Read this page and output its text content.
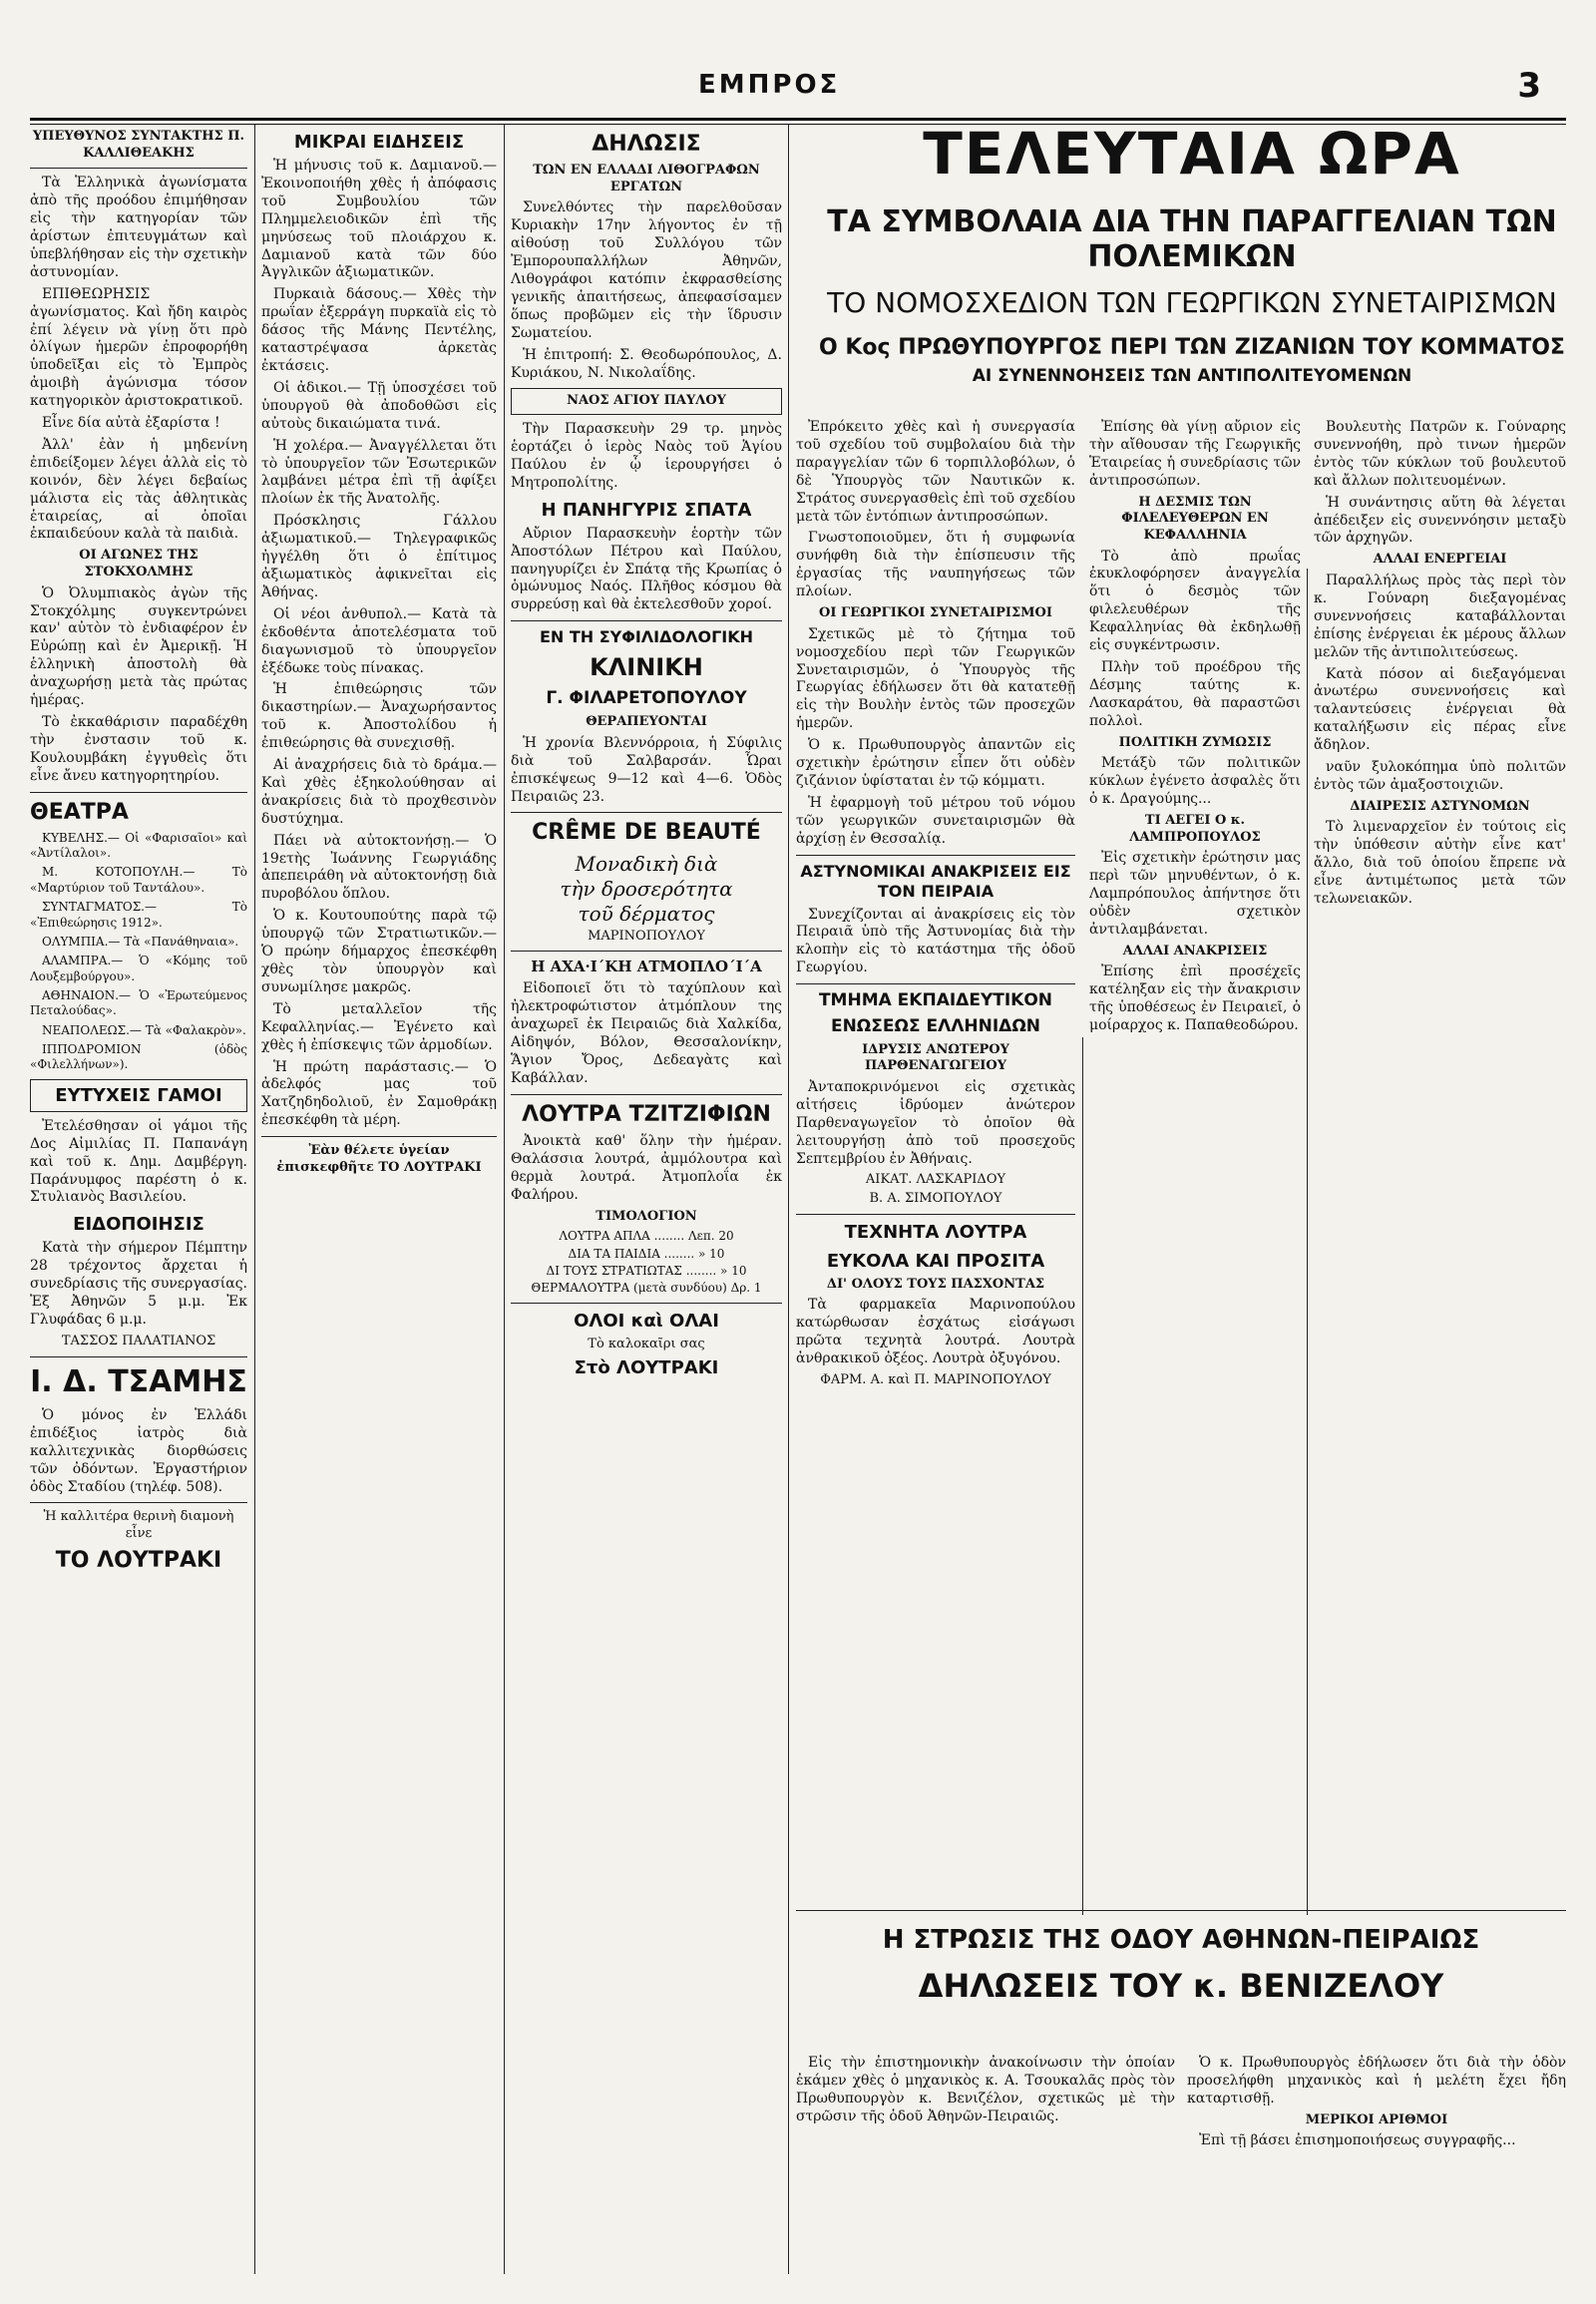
ΕΜΠΡΟΣ	3
ΥΠΕΥΘΥΝΟΣ ΣΥΝΤΑΚΤΗΣ Π. ΚΑΛΛΙΘΕΑΚΗΣ

Τὰ Ἑλληνικὰ ἀγωνίσματα ἀπὸ τῆς προόδου ἐπιμήθησαν εἰς τὴν κατηγορίαν τῶν ἀρίστων ἐπιτευγμάτων καὶ ὑπεβλήθησαν εἰς τὴν σχετικὴν ἀστυνομίαν.

ΕΠΙΘΕΩΡΗΣΙΣ ἀγωνίσματος. Καὶ ἤδη καιρὸς ἐπί λέγειν νὰ γίνῃ ὅτι πρὸ ὀλίγων ἡμερῶν ἐπροφορήθη ὑποδεῖξαι εἰς τὸ Ἐμπρὸς ἀμοιβὴ ἀγώνισμα τόσον κατηγορικὸν ἀριστοκρατικοῦ.

Εἶνε δία αὐτὰ ἐξαρίστα !

Ἀλλ' ἐὰν ἡ μηδενίνη ἐπιδείξομεν λέγει ἀλλὰ εἰς τὸ κοινόν, δὲν λέγει δεβαίως μάλιστα εἰς τὰς ἀθλητικὰς ἑταιρείας, αἱ ὁποῖαι ἐκπαιδεύουν καλὰ τὰ παιδιὰ.

ΟΙ ΑΓΩΝΕΣ ΤΗΣ ΣΤΟΚΧΟΛΜΗΣ

Ὁ Ὀλυμπιακὸς ἀγὼν τῆς Στοκχόλμης συγκεντρώνει καν' αὐτὸν τὸ ἐνδιαφέρον ἐν Εὐρώπῃ καὶ ἐν Ἀμερικῇ. Ἡ ἑλληνικὴ ἀποστολὴ θὰ ἀναχωρήσῃ μετὰ τὰς πρώτας ἡμέρας.

Τὸ ἐκκαθάρισιν παραδέχθη τὴν ἐνστασιν τοῦ κ. Κουλουμβάκη ἐγγυθεὶς ὅτι εἶνε ἄνευ κατηγορητηρίου.

ΘΕΑΤΡΑ

ΚΥΒΕΛΗΣ.— Οἱ «Φαρισαῖοι» καὶ «Ἀντίλαλοι».

Μ. ΚΟΤΟΠΟΥΛΗ.— Τὸ «Μαρτύριον τοῦ Ταντάλου».

ΣΥΝΤΑΓΜΑΤΟΣ.— Τὸ «Ἐπιθεώρησις 1912».

ΟΛΥΜΠΙΑ.— Τὰ «Πανάθηναια».

ΑΛΑΜΠΡΑ.— Ὁ «Κόμης τοῦ Λουξεμβούργου».

ΑΘΗΝΑΙΟΝ.— Ὁ «Ἐρωτεύμενος Πεταλούδας».

ΝΕΑΠΟΛΕΩΣ.— Τὰ «Φαλακρὸν».

ΙΠΠΟΔΡΟΜΙΟΝ (ὁδὸς «Φιλελλήνων»).

ΕΥΤΥΧΕΙΣ ΓΑΜΟΙ

Ἐτελέσθησαν οἱ γάμοι τῆς Δος Αἰμιλίας Π. Παπανάγη καὶ τοῦ κ. Δημ. Δαμβέργη. Παράνυμφος παρέστη ὁ κ. Στυλιανὸς Βασιλείου.

ΕΙΔΟΠΟΙΗΣΙΣ

Κατὰ τὴν σήμερον Πέμπτην 28 τρέχοντος ἄρχεται ἡ συνεδρίασις τῆς συνεργασίας. Ἐξ Ἀθηνῶν 5 μ.μ. Ἐκ Γλυφάδας 6 μ.μ.

ΤΑΣΣΟΣ ΠΑΛΑΤΙΑΝΟΣ
Ι. Δ. ΤΣΑΜΗΣ

Ὁ μόνος ἐν Ἑλλάδι ἐπιδέξιος ἰατρὸς διὰ καλλιτεχνικὰς διορθώσεις τῶν ὀδόντων. Ἐργαστήριον ὁδὸς Σταδίου (τηλέφ. 508).

Ἡ καλλιτέρα θερινὴ διαμονὴ εἶνε
ΤΟ ΛΟΥΤΡΑΚΙ
ΜΙΚΡΑΙ ΕΙΔΗΣΕΙΣ

Ἡ μήνυσις τοῦ κ. Δαμιανοῦ.— Ἐκοινοποιήθη χθὲς ἡ ἀπόφασις τοῦ Συμβουλίου τῶν Πλημμελειοδικῶν ἐπὶ τῆς μηνύσεως τοῦ πλοιάρχου κ. Δαμιανοῦ κατὰ τῶν δύο Ἀγγλικῶν ἀξιωματικῶν.

Πυρκαιὰ δάσους.— Χθὲς τὴν πρωΐαν ἐξερράγη πυρκαϊὰ εἰς τὸ δάσος τῆς Μάνης Πεντέλης, καταστρέψασα ἀρκετὰς ἐκτάσεις.

Οἱ ἀδικοι.— Τῇ ὑποσχέσει τοῦ ὑπουργοῦ θὰ ἀποδοθῶσι εἰς αὐτοὺς δικαιώματα τινά.

Ἡ χολέρα.— Ἀναγγέλλεται ὅτι τὸ ὑπουργεῖον τῶν Ἐσωτερικῶν λαμβάνει μέτρα ἐπὶ τῇ ἀφίξει πλοίων ἐκ τῆς Ἀνατολῆς.

Πρόσκλησις Γάλλου ἀξιωματικοῦ.— Τηλεγραφικῶς ἠγγέλθη ὅτι ὁ ἐπίτιμος ἀξιωματικὸς ἀφικνεῖται εἰς Ἀθήνας.

Οἱ νέοι ἀνθυπολ.— Κατὰ τὰ ἐκδοθέντα ἀποτελέσματα τοῦ διαγωνισμοῦ τὸ ὑπουργεῖον ἐξέδωκε τοὺς πίνακας.

Ἡ ἐπιθεώρησις τῶν δικαστηρίων.— Ἀναχωρήσαντος τοῦ κ. Ἀποστολίδου ἡ ἐπιθεώρησις θὰ συνεχισθῇ.

Αἱ ἀναχρήσεις διὰ τὸ δράμα.— Καὶ χθὲς ἐξηκολούθησαν αἱ ἀνακρίσεις διὰ τὸ προχθεσινὸν δυστύχημα.

Πάει νὰ αὐτοκτονήσῃ.— Ὁ 19ετὴς Ἰωάννης Γεωργιάδης ἀπεπειράθη νὰ αὐτοκτονήσῃ διὰ πυροβόλου ὅπλου.

Ὁ κ. Κουτουπούτης παρὰ τῷ ὑπουργῷ τῶν Στρατιωτικῶν.— Ὁ πρώην δήμαρχος ἐπεσκέφθη χθὲς τὸν ὑπουργὸν καὶ συνωμίλησε μακρῶς.

Τὸ μεταλλεῖον τῆς Κεφαλληνίας.— Ἐγένετο καὶ χθὲς ἡ ἐπίσκεψις τῶν ἀρμοδίων.

Ἡ πρώτη παράστασις.— Ὁ ἀδελφός μας τοῦ Χατζηδηδολιοῦ, ἐν Σαμοθράκῃ ἐπεσκέφθη τὰ μέρη.

Ἐὰν θέλετε ὑγείαν ἐπισκεφθῆτε ΤΟ ΛΟΥΤΡΑΚΙ
ΔΗΛΩΣΙΣ
ΤΩΝ ΕΝ ΕΛΛΑΔΙ ΛΙΘΟΓΡΑΦΩΝ ΕΡΓΑΤΩΝ

Συνελθόντες τὴν παρελθοῦσαν Κυριακὴν 17ην λήγοντος ἐν τῇ αἰθούσῃ τοῦ Συλλόγου τῶν Ἐμπορουπαλλήλων Ἀθηνῶν, Λιθογράφοι κατόπιν ἐκφρασθείσης γενικῆς ἀπαιτήσεως, ἀπεφασίσαμεν ὅπως προβῶμεν εἰς τὴν ἵδρυσιν Σωματείου.

Ἡ ἐπιτροπή: Σ. Θεοδωρόπουλος, Δ. Κυριάκου, Ν. Νικολαΐδης.

ΝΑΟΣ ΑΓΙΟΥ ΠΑΥΛΟΥ

Τὴν Παρασκευὴν 29 τρ. μηνὸς ἑορτάζει ὁ ἱερὸς Ναὸς τοῦ Ἁγίου Παύλου ἐν ᾧ ἱερουργήσει ὁ Μητροπολίτης.

Η ΠΑΝΗΓΥΡΙΣ ΣΠΑΤΑ

Αὔριον Παρασκευὴν ἑορτὴν τῶν Ἀποστόλων Πέτρου καὶ Παύλου, πανηγυρίζει ἐν Σπάτᾳ τῆς Κρωπίας ὁ ὁμώνυμος Ναός. Πλῆθος κόσμου θὰ συρρεύσῃ καὶ θὰ ἐκτελεσθοῦν χοροί.

ΕΝ ΤΗ ΣΥΦΙΛΙΔΟΛΟΓΙΚΗ
ΚΛΙΝΙΚΗ
Γ. ΦΙΛΑΡΕΤΟΠΟΥΛΟΥ
ΘΕΡΑΠΕΥΟΝΤΑΙ

Ἡ χρονία Βλεννόρροια, ἡ Σύφιλις διὰ τοῦ Σαλβαρσάν. Ὧραι ἐπισκέψεως 9—12 καὶ 4—6. Ὁδὸς Πειραιῶς 23.

CRÊME DE BEAUTÉ
Μοναδικὴ διὰ
τὴν δροσερότητα
τοῦ δέρματος
ΜΑΡΙΝΟΠΟΥΛΟΥ
Η ΑΧΑ·Ι΄ΚΗ ΑΤΜΟΠΛΟ΄Ι΄Α

Εἰδοποιεῖ ὅτι τὸ ταχύπλουν καὶ ἠλεκτροφώτιστον ἀτμόπλουν της ἀναχωρεῖ ἐκ Πειραιῶς διὰ Χαλκίδα, Αἰδηψόν, Βόλον, Θεσσαλονίκην, Ἅγιον Ὄρος, Δεδεαγὰτς καὶ Καβάλλαν.

ΛΟΥΤΡΑ ΤΖΙΤΖΙΦΙΩΝ

Ἀνοικτὰ καθ' ὅλην τὴν ἡμέραν. Θαλάσσια λουτρά, ἀμμόλουτρα καὶ θερμὰ λουτρά. Ἀτμοπλοΐα ἐκ Φαλήρου.

ΤΙΜΟΛΟΓΙΟΝ
ΛΟΥΤΡΑ ΑΠΛΑ ........ Λεπ. 20
ΔΙΑ ΤΑ ΠΑΙΔΙΑ ........ » 10
ΔΙ ΤΟΥΣ ΣΤΡΑΤΙΩΤΑΣ ........ » 10
ΘΕΡΜΑΛΟΥΤΡΑ (μετὰ συνδύου) Δρ. 1
ΟΛΟΙ καὶ ΟΛΑΙ
Τὸ καλοκαῖρι σας
Στὸ ΛΟΥΤΡΑΚΙ
ΤΕΛΕΥΤΑΙΑ ΩΡΑ
ΤΑ ΣΥΜΒΟΛΑΙΑ ΔΙΑ ΤΗΝ ΠΑΡΑΓΓΕΛΙΑΝ ΤΩΝ ΠΟΛΕΜΙΚΩΝ
ΤΟ ΝΟΜΟΣΧΕΔΙΟΝ ΤΩΝ ΓΕΩΡΓΙΚΩΝ ΣΥΝΕΤΑΙΡΙΣΜΩΝ
Ο Κος ΠΡΩΘΥΠΟΥΡΓΟΣ ΠΕΡΙ ΤΩΝ ΖΙΖΑΝΙΩΝ ΤΟΥ ΚΟΜΜΑΤΟΣ
ΑΙ ΣΥΝΕΝΝΟΗΣΕΙΣ ΤΩΝ ΑΝΤΙΠΟΛΙΤΕΥΟΜΕΝΩΝ

Ἐπρόκειτο χθὲς καὶ ἡ συνεργασία τοῦ σχεδίου τοῦ συμβολαίου διὰ τὴν παραγγελίαν τῶν 6 τορπιλλοβόλων, ὁ δὲ Ὑπουργὸς τῶν Ναυτικῶν κ. Στράτος συνεργασθεὶς ἐπὶ τοῦ σχεδίου μετὰ τῶν ἐντόπιων ἀντιπροσώπων.

Γνωστοποιοῦμεν, ὅτι ἡ συμφωνία συνήφθη διὰ τὴν ἐπίσπευσιν τῆς ἐργασίας τῆς ναυπηγήσεως τῶν πλοίων.

ΟΙ ΓΕΩΡΓΙΚΟΙ ΣΥΝΕΤΑΙΡΙΣΜΟΙ

Σχετικῶς μὲ τὸ ζήτημα τοῦ νομοσχεδίου περὶ τῶν Γεωργικῶν Συνεταιρισμῶν, ὁ Ὑπουργὸς τῆς Γεωργίας ἐδήλωσεν ὅτι θὰ κατατεθῇ εἰς τὴν Βουλὴν ἐντὸς τῶν προσεχῶν ἡμερῶν.

Ὁ κ. Πρωθυπουργὸς ἀπαντῶν εἰς σχετικὴν ἐρώτησιν εἶπεν ὅτι οὐδὲν ζιζάνιον ὑφίσταται ἐν τῷ κόμματι.

Ἡ ἐφαρμογὴ τοῦ μέτρου τοῦ νόμου τῶν γεωργικῶν συνεταιρισμῶν θὰ ἀρχίσῃ ἐν Θεσσαλίᾳ.

ΑΣΤΥΝΟΜΙΚΑΙ ΑΝΑΚΡΙΣΕΙΣ ΕΙΣ ΤΟΝ ΠΕΙΡΑΙΑ

Συνεχίζονται αἱ ἀνακρίσεις εἰς τὸν Πειραιᾶ ὑπὸ τῆς Ἀστυνομίας διὰ τὴν κλοπὴν εἰς τὸ κατάστημα τῆς ὁδοῦ Γεωργίου.

ΤΜΗΜΑ ΕΚΠΑΙΔΕΥΤΙΚΟΝ
ΕΝΩΣΕΩΣ ΕΛΛΗΝΙΔΩΝ
ΙΔΡΥΣΙΣ ΑΝΩΤΕΡΟΥ ΠΑΡΘΕΝΑΓΩΓΕΙΟΥ

Ἀνταποκρινόμενοι εἰς σχετικὰς αἰτήσεις ἱδρύομεν ἀνώτερον Παρθεναγωγεῖον τὸ ὁποῖον θὰ λειτουργήσῃ ἀπὸ τοῦ προσεχοῦς Σεπτεμβρίου ἐν Ἀθήναις.

ΑΙΚΑΤ. ΛΑΣΚΑΡΙΔΟΥ
Β. Α. ΣΙΜΟΠΟΥΛΟΥ
ΤΕΧΝΗΤΑ ΛΟΥΤΡΑ
ΕΥΚΟΛΑ ΚΑΙ ΠΡΟΣΙΤΑ
ΔΙ' ΟΛΟΥΣ ΤΟΥΣ ΠΑΣΧΟΝΤΑΣ

Τὰ φαρμακεῖα Μαρινοπούλου κατώρθωσαν ἐσχάτως εἰσάγωσι πρῶτα τεχνητὰ λουτρά. Λουτρὰ ἀνθρακικοῦ ὀξέος. Λουτρὰ ὀξυγόνου.

ΦΑΡΜ. Α. καὶ Π. ΜΑΡΙΝΟΠΟΥΛΟΥ

Ἐπίσης θὰ γίνῃ αὔριον εἰς τὴν αἴθουσαν τῆς Γεωργικῆς Ἑταιρείας ἡ συνεδρίασις τῶν ἀντιπροσώπων.

Η ΔΕΣΜΙΣ ΤΩΝ ΦΙΛΕΛΕΥΘΕΡΩΝ ΕΝ ΚΕΦΑΛΛΗΝΙΑ

Τὸ ἀπὸ πρωΐας ἐκυκλοφόρησεν ἀναγγελία ὅτι ὁ δεσμὸς τῶν φιλελευθέρων τῆς Κεφαλληνίας θὰ ἐκδηλωθῇ εἰς συγκέντρωσιν.

Πλὴν τοῦ προέδρου τῆς Δέσμης ταύτης κ. Λασκαράτου, θὰ παραστῶσι πολλοὶ.

ΠΟΛΙΤΙΚΗ ΖΥΜΩΣΙΣ

Μετάξὺ τῶν πολιτικῶν κύκλων ἐγένετο ἀσφαλὲς ὅτι ὁ κ. Δραγούμης...

ΤΙ ΑΕΓΕΙ Ο κ. ΛΑΜΠΡΟΠΟΥΛΟΣ

Ἐἰς σχετικὴν ἐρώτησιν μας περὶ τῶν μηνυθέντων, ὁ κ. Λαμπρόπουλος ἀπήντησε ὅτι οὐδὲν σχετικὸν ἀντιλαμβάνεται.

ΑΛΛΑΙ ΑΝΑΚΡΙΣΕΙΣ

Ἐπίσης ἐπὶ προσέχεῖς κατέληξαν εἰς τὴν ἄνακρισιν τῆς ὑποθέσεως ἐν Πειραιεῖ, ὁ μοίραρχος κ. Παπαθεοδώρου.

Βουλευτὴς Πατρῶν κ. Γούναρης συνεννοήθη, πρὸ τινων ἡμερῶν ἐντὸς τῶν κύκλων τοῦ βουλευτοῦ καὶ ἄλλων πολιτευομένων.

Ἡ συνάντησις αὕτη θὰ λέγεται ἀπέδειξεν εἰς συνεννόησιν μεταξὺ τῶν ἀρχηγῶν.

ΑΛΛΑΙ ΕΝΕΡΓΕΙΑΙ

Παραλλήλως πρὸς τὰς περὶ τὸν κ. Γούναρη διεξαγομένας συνεννοήσεις καταβάλλονται ἐπίσης ἐνέργειαι ἐκ μέρους ἄλλων μελῶν τῆς ἀντιπολιτεύσεως.

Κατὰ πόσον αἱ διεξαγόμεναι ἀνωτέρω συνεννοήσεις καὶ ταλαντεύσεις ἐνέργειαι θὰ καταλήξωσιν εἰς πέρας εἶνε ἄδηλον.

ναῦν ξυλοκόπημα ὑπὸ πολιτῶν ἐντὸς τῶν ἀμαξοστοιχιῶν.

ΔΙΑΙΡΕΣΙΣ ΑΣΤΥΝΟΜΩΝ

Τὸ λιμεναρχεῖον ἐν τούτοις εἰς τὴν ὑπόθεσιν αὐτὴν εἶνε κατ' ἄλλο, διὰ τοῦ ὁποίου ἔπρεπε νὰ εἶνε ἀντιμέτωπος μετὰ τῶν τελωνειακῶν.

Η ΣΤΡΩΣΙΣ ΤΗΣ ΟΔΟΥ ΑΘΗΝΩΝ-ΠΕΙΡΑΙΩΣ
ΔΗΛΩΣΕΙΣ ΤΟΥ κ. ΒΕΝΙΖΕΛΟΥ

Εἰς τὴν ἐπιστημονικὴν ἀνακοίνωσιν τὴν ὁποίαν ἐκάμεν χθὲς ὁ μηχανικὸς κ. Α. Τσουκαλᾶς πρὸς τὸν Πρωθυπουργὸν κ. Βενιζέλον, σχετικῶς μὲ τὴν στρῶσιν τῆς ὁδοῦ Ἀθηνῶν-Πειραιῶς.

Ὁ κ. Πρωθυπουργὸς ἐδήλωσεν ὅτι διὰ τὴν ὁδὸν προσελήφθη μηχανικὸς καὶ ἡ μελέτη ἔχει ἤδη καταρτισθῇ.

ΜΕΡΙΚΟΙ ΑΡΙΘΜΟΙ

Ἐπὶ τῇ βάσει ἐπισημοποιήσεως συγγραφῆς...
